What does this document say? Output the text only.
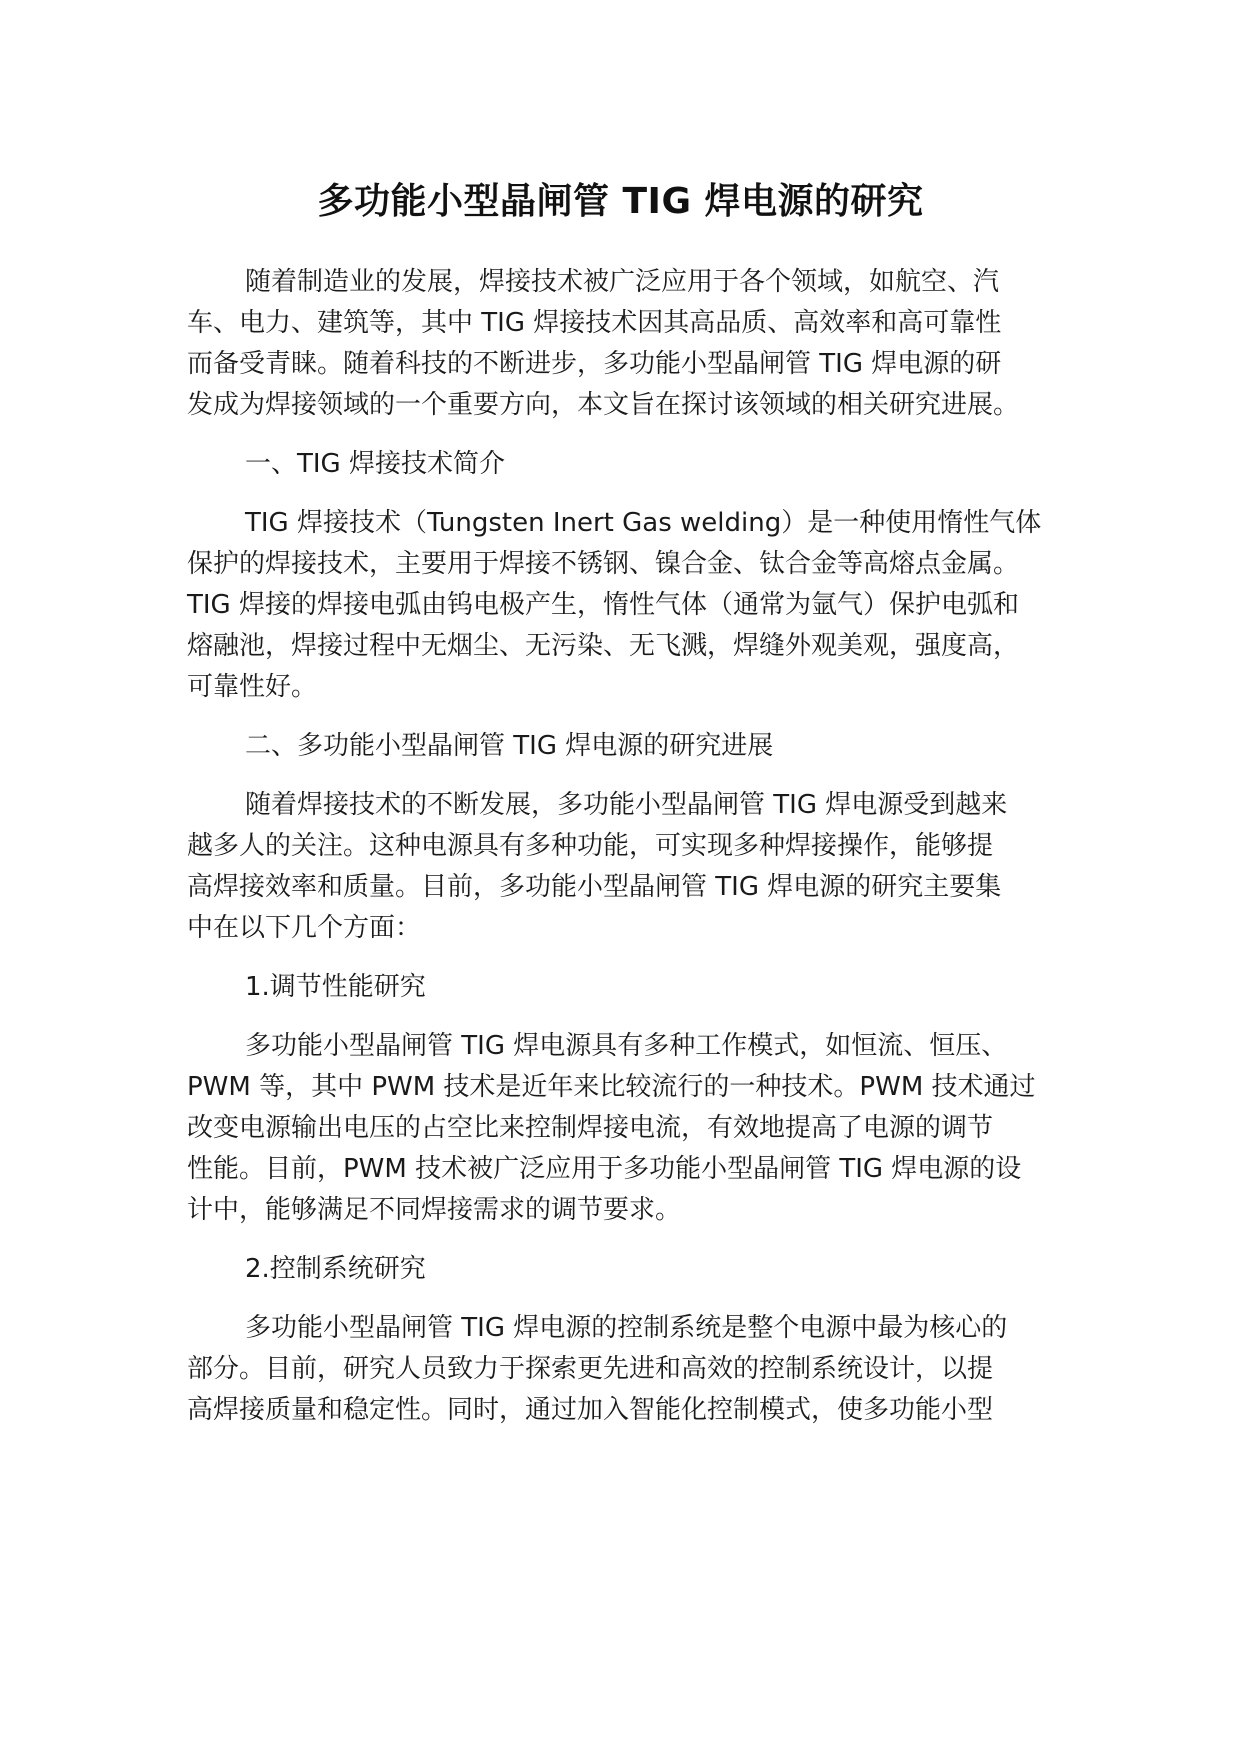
多功能小型晶闸管 TIG 焊电源的研究

随着制造业的发展，焊接技术被广泛应用于各个领域，如航空、汽

车、电力、建筑等，其中 TIG 焊接技术因其高品质、高效率和高可靠性

而备受青睐。随着科技的不断进步，多功能小型晶闸管 TIG 焊电源的研

发成为焊接领域的一个重要方向，本文旨在探讨该领域的相关研究进展。

一、TIG 焊接技术简介

TIG 焊接技术（Tungsten Inert Gas welding）是一种使用惰性气体

保护的焊接技术，主要用于焊接不锈钢、镍合金、钛合金等高熔点金属。

TIG 焊接的焊接电弧由钨电极产生，惰性气体（通常为氩气）保护电弧和

熔融池，焊接过程中无烟尘、无污染、无飞溅，焊缝外观美观，强度高，

可靠性好。

二、多功能小型晶闸管 TIG 焊电源的研究进展

随着焊接技术的不断发展，多功能小型晶闸管 TIG 焊电源受到越来

越多人的关注。这种电源具有多种功能，可实现多种焊接操作，能够提

高焊接效率和质量。目前，多功能小型晶闸管 TIG 焊电源的研究主要集

中在以下几个方面：

1.调节性能研究

多功能小型晶闸管 TIG 焊电源具有多种工作模式，如恒流、恒压、

PWM 等，其中 PWM 技术是近年来比较流行的一种技术。PWM 技术通过

改变电源输出电压的占空比来控制焊接电流，有效地提高了电源的调节

性能。目前，PWM 技术被广泛应用于多功能小型晶闸管 TIG 焊电源的设

计中，能够满足不同焊接需求的调节要求。

2.控制系统研究

多功能小型晶闸管 TIG 焊电源的控制系统是整个电源中最为核心的

部分。目前，研究人员致力于探索更先进和高效的控制系统设计，以提

高焊接质量和稳定性。同时，通过加入智能化控制模式，使多功能小型
